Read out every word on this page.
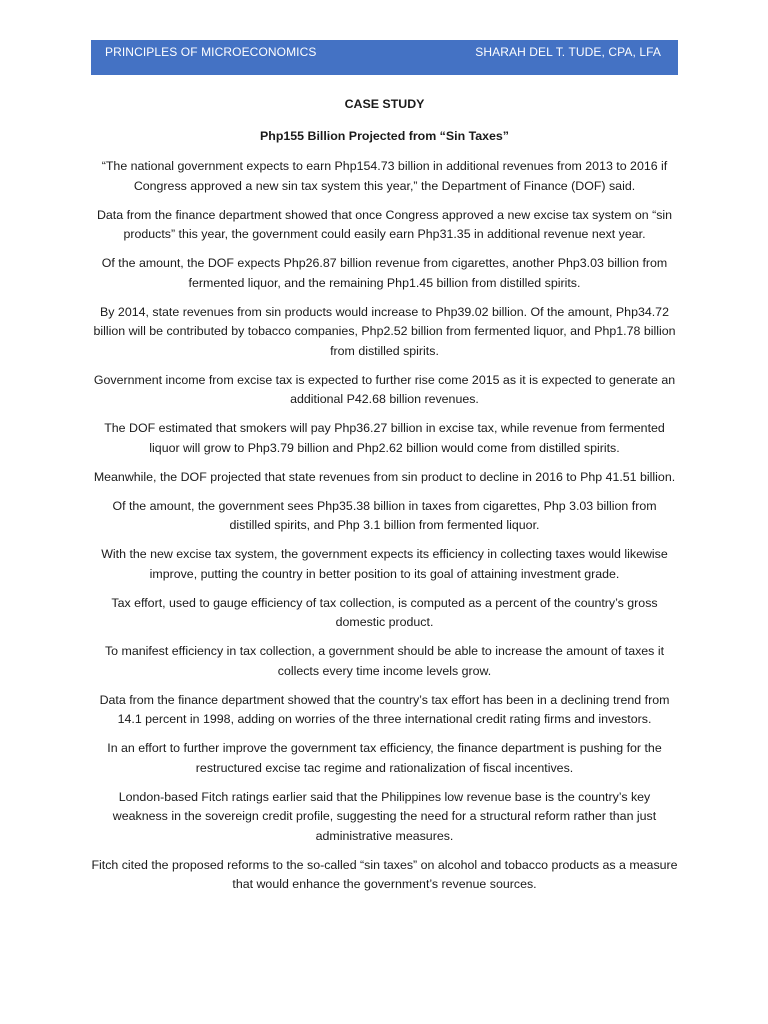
PRINCIPLES OF MICROECONOMICS	SHARAH DEL T. TUDE, CPA, LFA

CASE STUDY

Php155 Billion Projected from “Sin Taxes”

“The national government expects to earn Php154.73 billion in additional revenues from 2013 to 2016 if Congress approved a new sin tax system this year,” the Department of Finance (DOF) said.

Data from the finance department showed that once Congress approved a new excise tax system on “sin products” this year, the government could easily earn Php31.35 in additional revenue next year.

Of the amount, the DOF expects Php26.87 billion revenue from cigarettes, another Php3.03 billion from fermented liquor, and the remaining Php1.45 billion from distilled spirits.

By 2014, state revenues from sin products would increase to Php39.02 billion. Of the amount, Php34.72 billion will be contributed by tobacco companies, Php2.52 billion from fermented liquor, and Php1.78 billion from distilled spirits.

Government income from excise tax is expected to further rise come 2015 as it is expected to generate an additional P42.68 billion revenues.

The DOF estimated that smokers will pay Php36.27 billion in excise tax, while revenue from fermented liquor will grow to Php3.79 billion and Php2.62 billion would come from distilled spirits.

Meanwhile, the DOF projected that state revenues from sin product to decline in 2016 to Php 41.51 billion.

Of the amount, the government sees Php35.38 billion in taxes from cigarettes, Php 3.03 billion from distilled spirits, and Php 3.1 billion from fermented liquor.

With the new excise tax system, the government expects its efficiency in collecting taxes would likewise improve, putting the country in better position to its goal of attaining investment grade.

Tax effort, used to gauge efficiency of tax collection, is computed as a percent of the country’s gross domestic product.

To manifest efficiency in tax collection, a government should be able to increase the amount of taxes it collects every time income levels grow.

Data from the finance department showed that the country’s tax effort has been in a declining trend from 14.1 percent in 1998, adding on worries of the three international credit rating firms and investors.

In an effort to further improve the government tax efficiency, the finance department is pushing for the restructured excise tac regime and rationalization of fiscal incentives.

London-based Fitch ratings earlier said that the Philippines low revenue base is the country’s key weakness in the sovereign credit profile, suggesting the need for a structural reform rather than just administrative measures.

Fitch cited the proposed reforms to the so-called “sin taxes” on alcohol and tobacco products as a measure that would enhance the government’s revenue sources.
